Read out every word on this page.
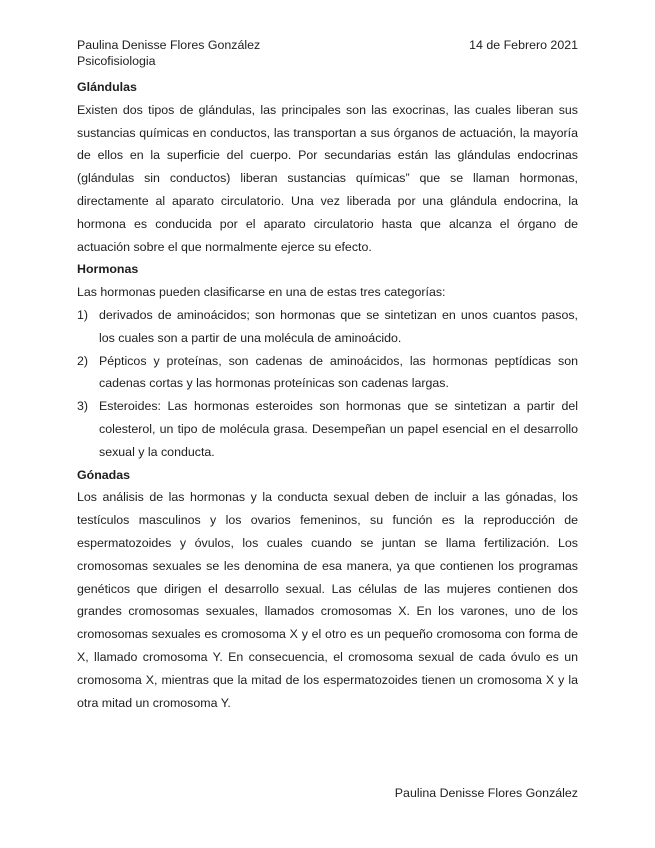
Paulina Denisse Flores González	14 de Febrero 2021
Psicofisiologia
Glándulas

Existen dos tipos de glándulas, las principales son las exocrinas, las cuales liberan sus sustancias químicas en conductos, las transportan a sus órganos de actuación, la mayoría de ellos en la superficie del cuerpo. Por secundarias están las glándulas endocrinas (glándulas sin conductos) liberan sustancias químicas” que se llaman hormonas, directamente al aparato circulatorio. Una vez liberada por una glándula endocrina, la hormona es conducida por el aparato circulatorio hasta que alcanza el órgano de actuación sobre el que normalmente ejerce su efecto.

Hormonas

Las hormonas pueden clasificarse en una de estas tres categorías:

1) derivados de aminoácidos; son hormonas que se sintetizan en unos cuantos pasos, los cuales son a partir de una molécula de aminoácido.
2) Pépticos y proteínas, son cadenas de aminoácidos, las hormonas peptídicas son cadenas cortas y las hormonas proteínicas son cadenas largas.
3) Esteroides: Las hormonas esteroides son hormonas que se sintetizan a partir del colesterol, un tipo de molécula grasa. Desempeñan un papel esencial en el desarrollo sexual y la conducta.
Gónadas

Los análisis de las hormonas y la conducta sexual deben de incluir a las gónadas, los testículos masculinos y los ovarios femeninos, su función es la reproducción de espermatozoides y óvulos, los cuales cuando se juntan se llama fertilización. Los cromosomas sexuales se les denomina de esa manera, ya que contienen los programas genéticos que dirigen el desarrollo sexual. Las células de las mujeres contienen dos grandes cromosomas sexuales, llamados cromosomas X. En los varones, uno de los cromosomas sexuales es cromosoma X y el otro es un pequeño cromosoma con forma de X, llamado cromosoma Y. En consecuencia, el cromosoma sexual de cada óvulo es un cromosoma X, mientras que la mitad de los espermatozoides tienen un cromosoma X y la otra mitad un cromosoma Y.

Paulina Denisse Flores González
